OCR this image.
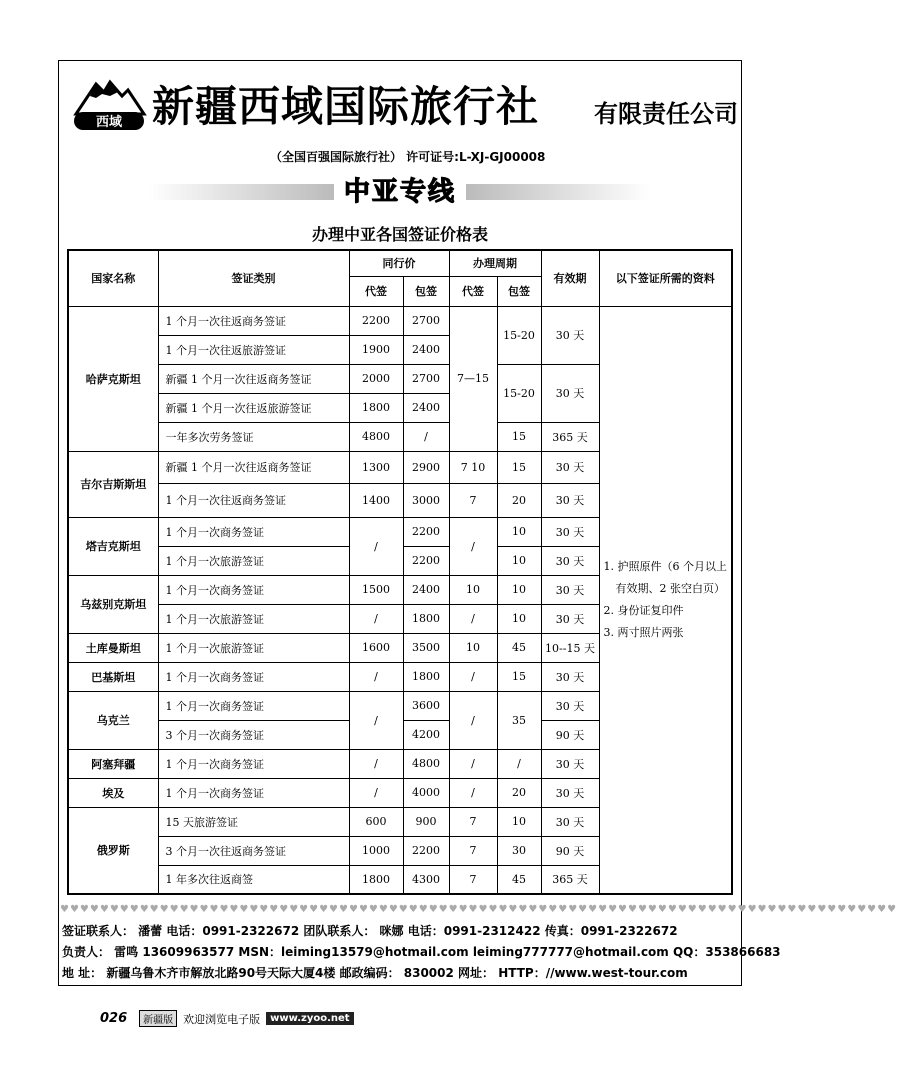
西域 新疆西域国际旅行社 有限责任公司
（全国百强国际旅行社） 许可证号:L-XJ-GJ00008
中亚专线
办理中亚各国签证价格表
国家名称	签证类别	同行价		办理周期		有效期	以下签证所需的资料
		代签	包签	代签	包签		
哈萨克斯坦	1 个月一次往返商务签证	2200	2700	7—15	15-20	30 天	1. 护照原件（6 个月以上
有效期、2 张空白页）
2. 身份证复印件
3. 两寸照片两张

	1 个月一次往返旅游签证	1900	2400				
	新疆 1 个月一次往返商务签证	2000	2700		15-20	30 天	
	新疆 1 个月一次往返旅游签证	1800	2400				
	一年多次劳务签证	4800	/		15	365 天	
吉尔吉斯斯坦	新疆 1 个月一次往返商务签证	1300	2900	7 10	15	30 天	
	1 个月一次往返商务签证	1400	3000	7	20	30 天	
塔吉克斯坦	1 个月一次商务签证	/	2200	/	10	30 天	
	1 个月一次旅游签证		2200		10	30 天	
乌兹别克斯坦	1 个月一次商务签证	1500	2400	10	10	30 天	
	1 个月一次旅游签证	/	1800	/	10	30 天	
土库曼斯坦	1 个月一次旅游签证	1600	3500	10	45	10--15 天	
巴基斯坦	1 个月一次商务签证	/	1800	/	15	30 天	
乌克兰	1 个月一次商务签证	/	3600	/	35	30 天	
	3 个月一次商务签证		4200			90 天	
阿塞拜疆	1 个月一次商务签证	/	4800	/	/	30 天	
埃及	1 个月一次商务签证	/	4000	/	20	30 天	
俄罗斯	15 天旅游签证	600	900	7	10	30 天	
	3 个月一次往返商务签证	1000	2200	7	30	90 天	
	1 年多次往返商签	1800	4300	7	45	365 天	
♥♥♥♥♥♥♥♥♥♥♥♥♥♥♥♥♥♥♥♥♥♥♥♥♥♥♥♥♥♥♥♥♥♥♥♥♥♥♥♥♥♥♥♥♥♥♥♥♥♥♥♥♥♥♥♥♥♥♥♥♥♥♥♥♥♥♥♥♥♥♥♥♥♥♥♥♥♥♥♥♥♥♥♥
签证联系人： 潘蕾 电话：0991-2322672 团队联系人： 咪娜 电话：0991-2312422 传真：0991-2322672
负责人： 雷鸣 13609963577 MSN：leiming13579@hotmail.com leiming777777@hotmail.com QQ：353866683
地 址： 新疆乌鲁木齐市解放北路90号天际大厦4楼 邮政编码： 830002 网址： HTTP：//www.west-tour.com
026	新疆版 欢迎浏览电子版	www.zyoo.net
